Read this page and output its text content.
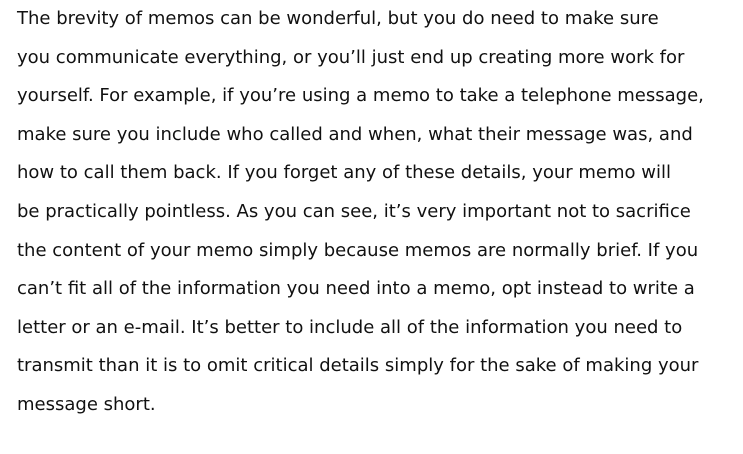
The brevity of memos can be wonderful, but you do need to make sure
you communicate everything, or you’ll just end up creating more work for
yourself. For example, if you’re using a memo to take a telephone message,
make sure you include who called and when, what their message was, and
how to call them back. If you forget any of these details, your memo will
be practically pointless. As you can see, it’s very important not to sacrifice
the content of your memo simply because memos are normally brief. If you
can’t fit all of the information you need into a memo, opt instead to write a
letter or an e-mail. It’s better to include all of the information you need to
transmit than it is to omit critical details simply for the sake of making your
message short.
